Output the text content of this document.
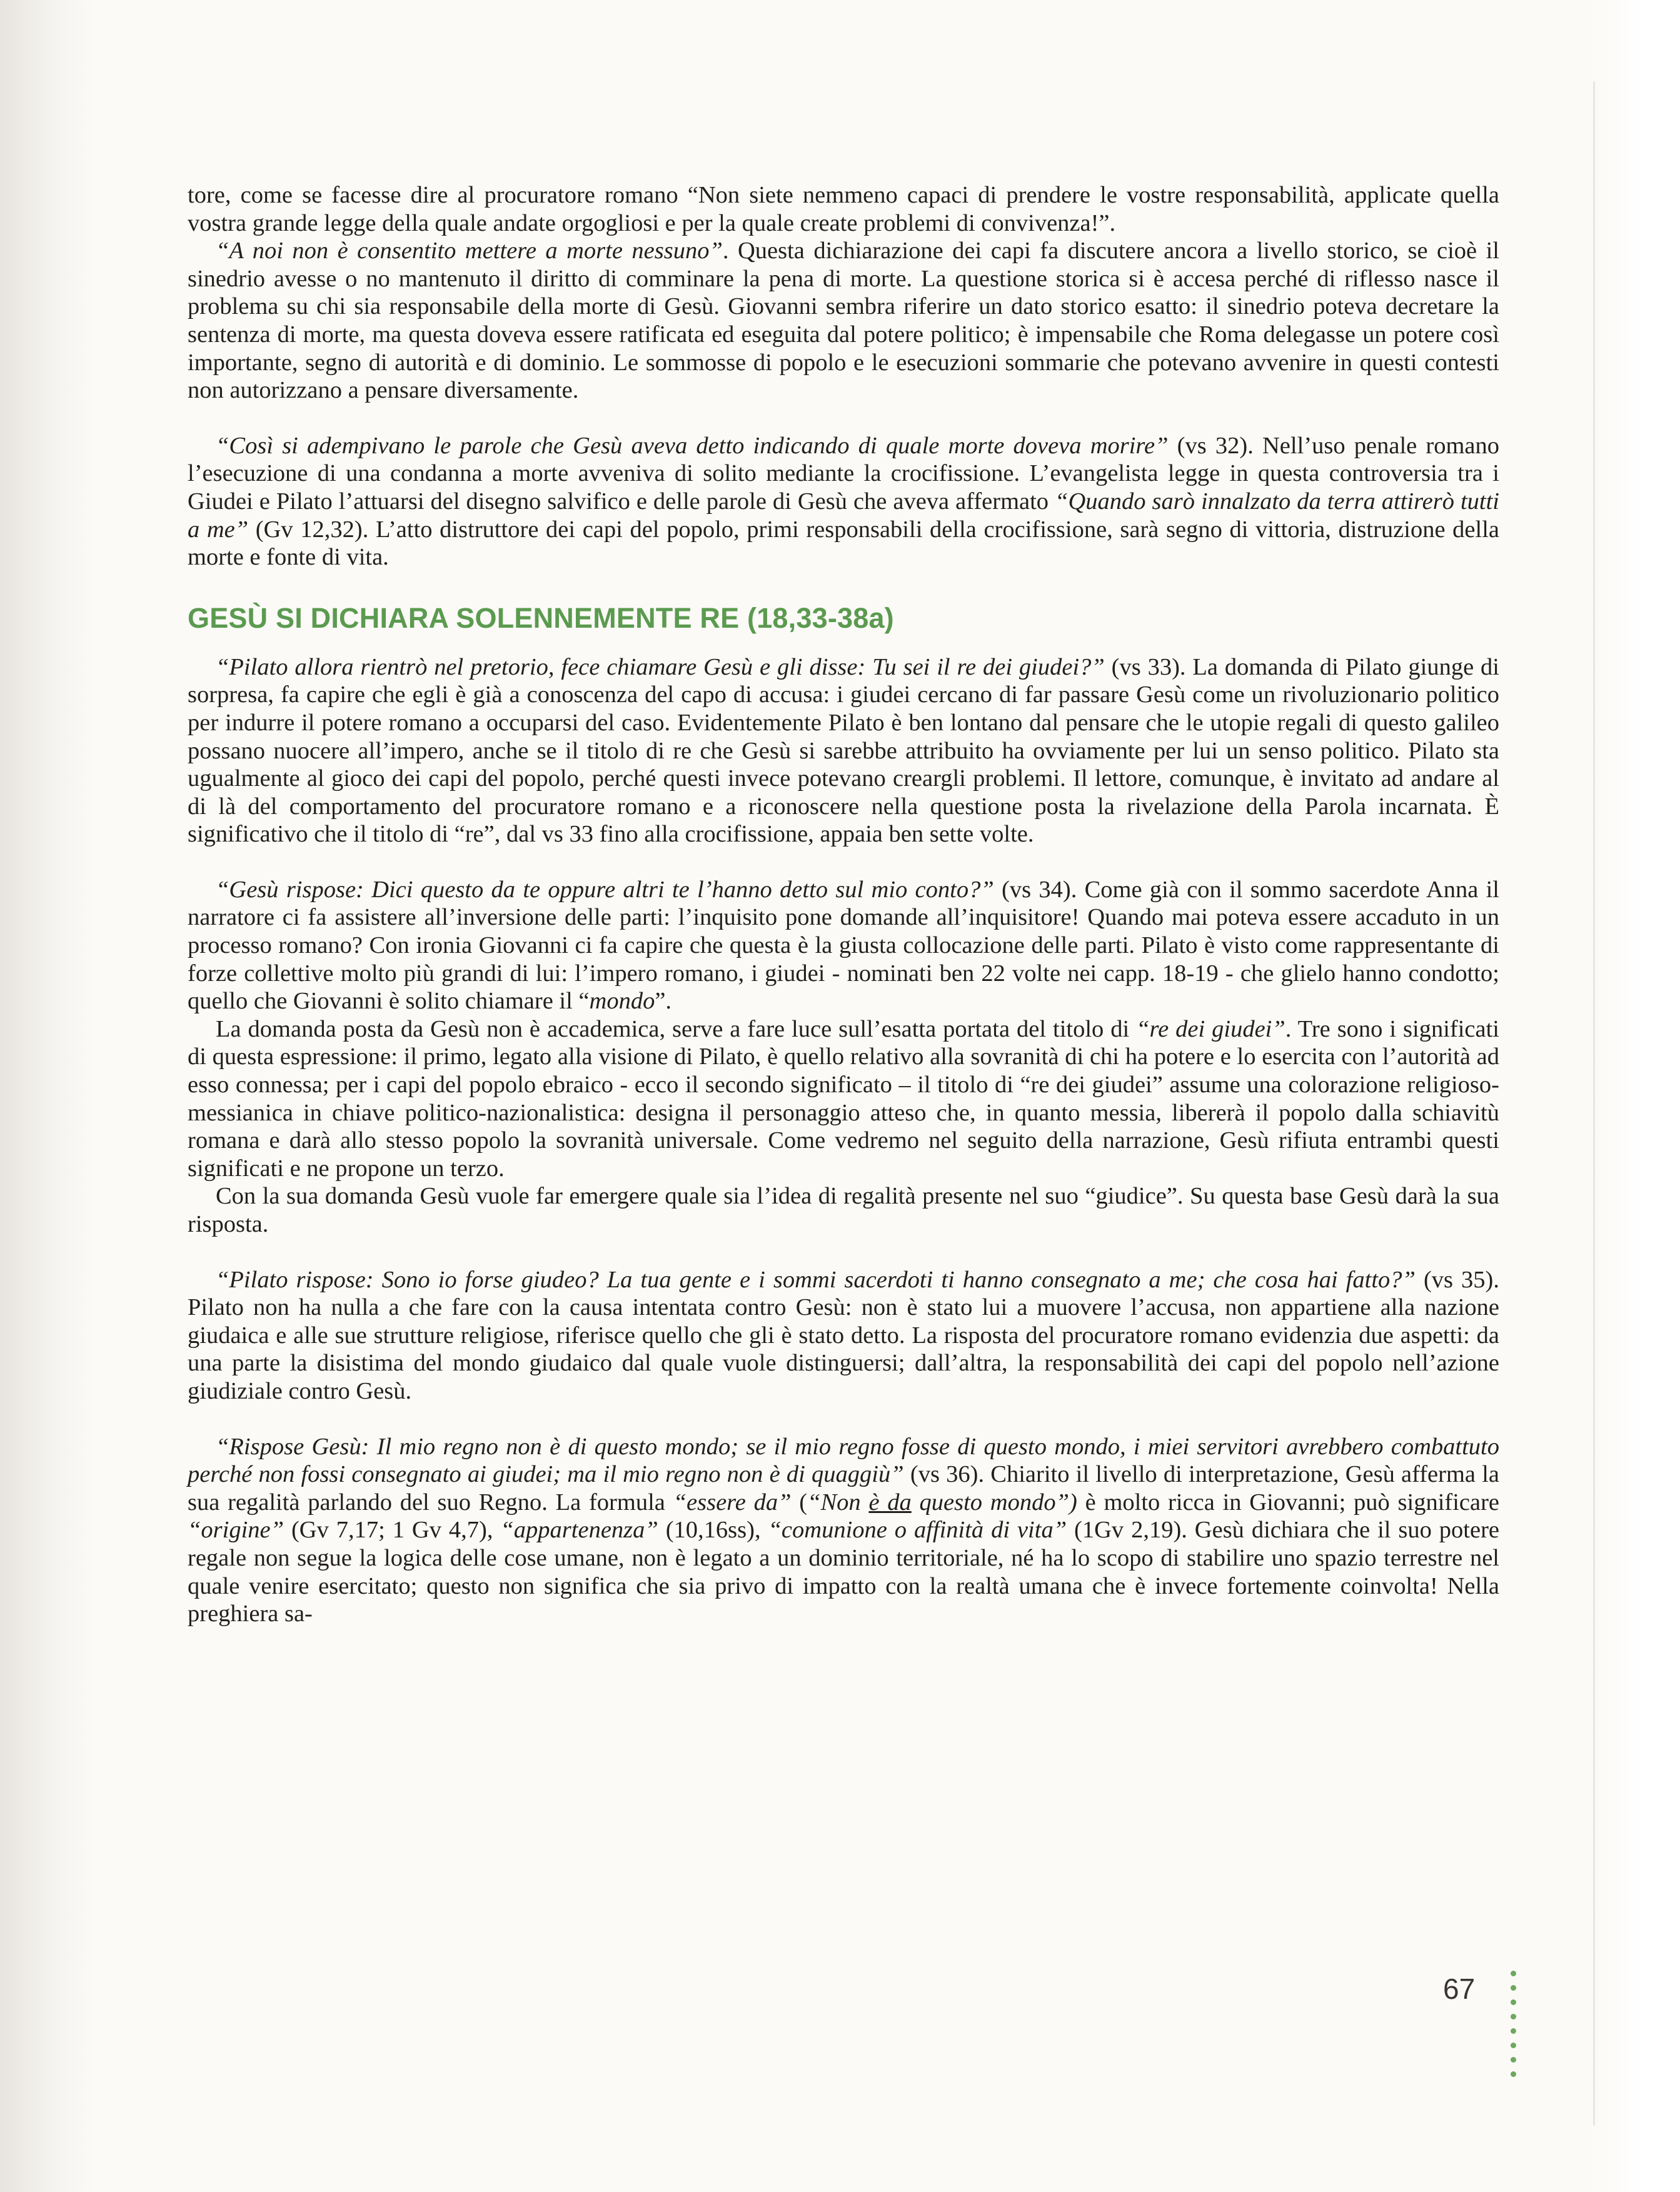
tore, come se facesse dire al procuratore romano “Non siete nemmeno capaci di prendere le vostre responsabilità, applicate quella vostra grande legge della quale andate orgogliosi e per la quale create problemi di convivenza!”.

“A noi non è consentito mettere a morte nessuno”. Questa dichiarazione dei capi fa discutere ancora a livello storico, se cioè il sinedrio avesse o no mantenuto il diritto di comminare la pena di morte. La questione storica si è accesa perché di riflesso nasce il problema su chi sia responsabile della morte di Gesù. Giovanni sembra riferire un dato storico esatto: il sinedrio poteva decretare la sentenza di morte, ma questa doveva essere ratificata ed eseguita dal potere politico; è impensabile che Roma delegasse un potere così importante, segno di autorità e di dominio. Le sommosse di popolo e le esecuzioni sommarie che potevano avvenire in questi contesti non autorizzano a pensare diversamente.

“Così si adempivano le parole che Gesù aveva detto indicando di quale morte doveva morire” (vs 32). Nell’uso penale romano l’esecuzione di una condanna a morte avveniva di solito mediante la crocifissione. L’evangelista legge in questa controversia tra i Giudei e Pilato l’attuarsi del disegno salvifico e delle parole di Gesù che aveva affermato “Quando sarò innalzato da terra attirerò tutti a me” (Gv 12,32). L’atto distruttore dei capi del popolo, primi responsabili della crocifissione, sarà segno di vittoria, distruzione della morte e fonte di vita.

GESÙ SI DICHIARA SOLENNEMENTE RE (18,33-38a)

“Pilato allora rientrò nel pretorio, fece chiamare Gesù e gli disse: Tu sei il re dei giudei?” (vs 33). La domanda di Pilato giunge di sorpresa, fa capire che egli è già a conoscenza del capo di accusa: i giudei cercano di far passare Gesù come un rivoluzionario politico per indurre il potere romano a occuparsi del caso. Evidentemente Pilato è ben lontano dal pensare che le utopie regali di questo galileo possano nuocere all’impero, anche se il titolo di re che Gesù si sarebbe attribuito ha ovviamente per lui un senso politico. Pilato sta ugualmente al gioco dei capi del popolo, perché questi invece potevano creargli problemi. Il lettore, comunque, è invitato ad andare al di là del comportamento del procuratore romano e a riconoscere nella questione posta la rivelazione della Parola incarnata. È significativo che il titolo di “re”, dal vs 33 fino alla crocifissione, appaia ben sette volte.

“Gesù rispose: Dici questo da te oppure altri te l’hanno detto sul mio conto?” (vs 34). Come già con il sommo sacerdote Anna il narratore ci fa assistere all’inversione delle parti: l’inquisito pone domande all’inquisitore! Quando mai poteva essere accaduto in un processo romano? Con ironia Giovanni ci fa capire che questa è la giusta collocazione delle parti. Pilato è visto come rappresentante di forze collettive molto più grandi di lui: l’impero romano, i giudei - nominati ben 22 volte nei capp. 18-19 - che glielo hanno condotto; quello che Giovanni è solito chiamare il “mondo”.

La domanda posta da Gesù non è accademica, serve a fare luce sull’esatta portata del titolo di “re dei giudei”. Tre sono i significati di questa espressione: il primo, legato alla visione di Pilato, è quello relativo alla sovranità di chi ha potere e lo esercita con l’autorità ad esso connessa; per i capi del popolo ebraico - ecco il secondo significato – il titolo di “re dei giudei” assume una colorazione religioso-messianica in chiave politico-nazionalistica: designa il personaggio atteso che, in quanto messia, libererà il popolo dalla schiavitù romana e darà allo stesso popolo la sovranità universale. Come vedremo nel seguito della narrazione, Gesù rifiuta entrambi questi significati e ne propone un terzo.

Con la sua domanda Gesù vuole far emergere quale sia l’idea di regalità presente nel suo “giudice”. Su questa base Gesù darà la sua risposta.

“Pilato rispose: Sono io forse giudeo? La tua gente e i sommi sacerdoti ti hanno consegnato a me; che cosa hai fatto?” (vs 35). Pilato non ha nulla a che fare con la causa intentata contro Gesù: non è stato lui a muovere l’accusa, non appartiene alla nazione giudaica e alle sue strutture religiose, riferisce quello che gli è stato detto. La risposta del procuratore romano evidenzia due aspetti: da una parte la disistima del mondo giudaico dal quale vuole distinguersi; dall’altra, la responsabilità dei capi del popolo nell’azione giudiziale contro Gesù.

“Rispose Gesù: Il mio regno non è di questo mondo; se il mio regno fosse di questo mondo, i miei servitori avrebbero combattuto perché non fossi consegnato ai giudei; ma il mio regno non è di quaggiù” (vs 36). Chiarito il livello di interpretazione, Gesù afferma la sua regalità parlando del suo Regno. La formula “essere da” (“Non è da questo mondo”) è molto ricca in Giovanni; può significare “origine” (Gv 7,17; 1 Gv 4,7), “appartenenza” (10,16ss), “comunione o affinità di vita” (1Gv 2,19). Gesù dichiara che il suo potere regale non segue la logica delle cose umane, non è legato a un dominio territoriale, né ha lo scopo di stabilire uno spazio terrestre nel quale venire esercitato; questo non significa che sia privo di impatto con la realtà umana che è invece fortemente coinvolta! Nella preghiera sa-

67
